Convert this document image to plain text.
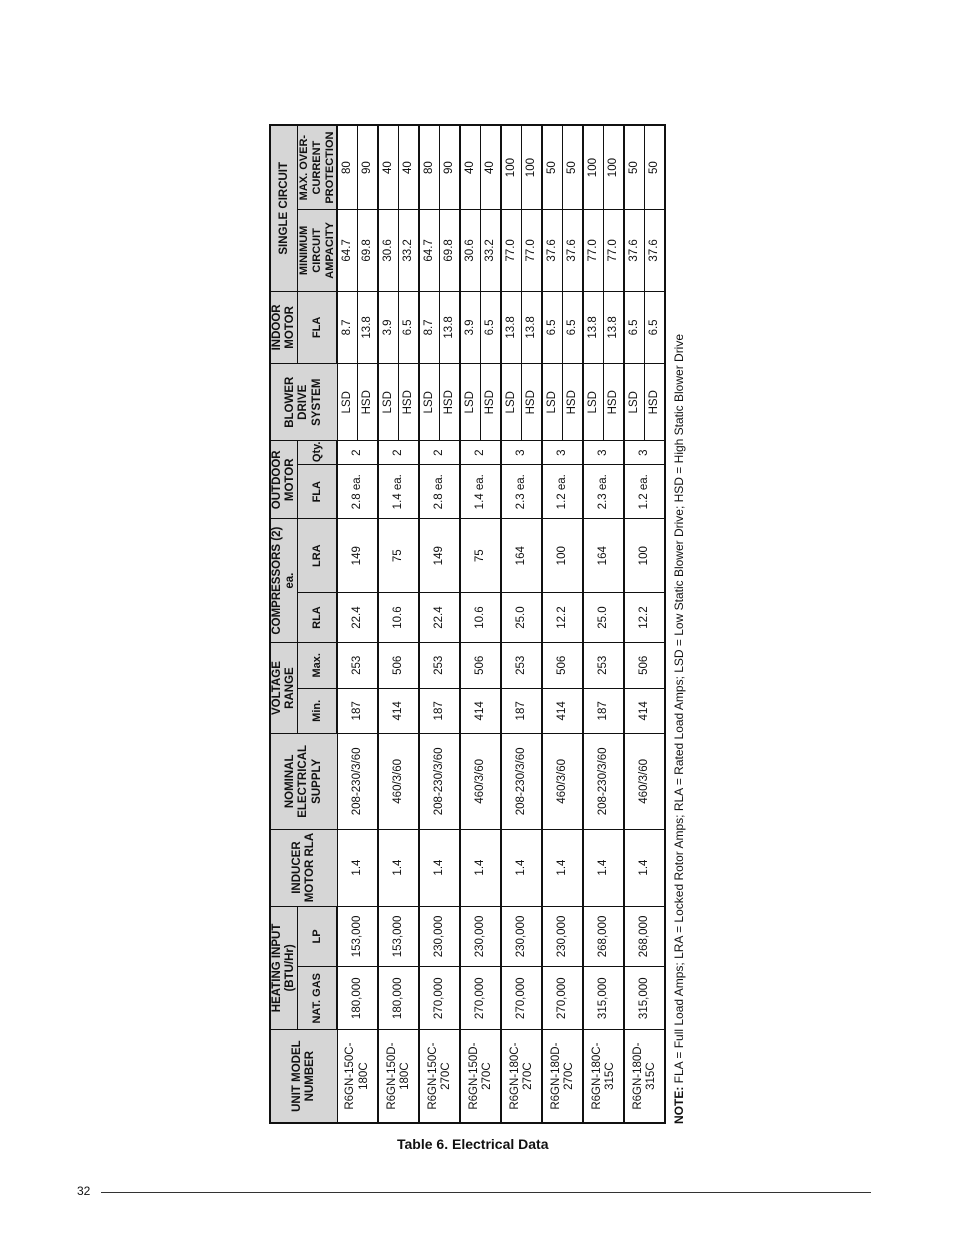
UNIT MODEL NUMBER	HEATING INPUT (BTU/Hr)		INDUCER MOTOR RLA	NOMINAL ELECTRICAL SUPPLY	VOLTAGE RANGE		COMPRESSORS (2) ea.		OUTDOOR MOTOR		BLOWER DRIVE SYSTEM	INDOOR MOTOR	SINGLE CIRCUIT	
	NAT. GAS	LP			Min.	Max.	RLA	LRA	FLA	Qty.		FLA	MINIMUM CIRCUIT AMPACITY	MAX. OVER- CURRENT PROTECTION
R6GN-150C-180C	180,000	153,000	1.4	208-230/3/60	187	253	22.4	149	2.8 ea.	2	LSD	8.7	64.7	80
											HSD	13.8	69.8	90
R6GN-150D-180C	180,000	153,000	1.4	460/3/60	414	506	10.6	75	1.4 ea.	2	LSD	3.9	30.6	40
											HSD	6.5	33.2	40
R6GN-150C-270C	270,000	230,000	1.4	208-230/3/60	187	253	22.4	149	2.8 ea.	2	LSD	8.7	64.7	80
											HSD	13.8	69.8	90
R6GN-150D-270C	270,000	230,000	1.4	460/3/60	414	506	10.6	75	1.4 ea.	2	LSD	3.9	30.6	40
											HSD	6.5	33.2	40
R6GN-180C-270C	270,000	230,000	1.4	208-230/3/60	187	253	25.0	164	2.3 ea.	3	LSD	13.8	77.0	100
											HSD	13.8	77.0	100
R6GN-180D-270C	270,000	230,000	1.4	460/3/60	414	506	12.2	100	1.2 ea.	3	LSD	6.5	37.6	50
											HSD	6.5	37.6	50
R6GN-180C-315C	315,000	268,000	1.4	208-230/3/60	187	253	25.0	164	2.3 ea.	3	LSD	13.8	77.0	100
											HSD	13.8	77.0	100
R6GN-180D-315C	315,000	268,000	1.4	460/3/60	414	506	12.2	100	1.2 ea.	3	LSD	6.5	37.6	50
											HSD	6.5	37.6	50
Table 6. Electrical Data

NOTE: FLA = Full Load Amps; LRA = Locked Rotor Amps; RLA = Rated Load Amps; LSD = Low Static Blower Drive; HSD = High Static Blower Drive

32
